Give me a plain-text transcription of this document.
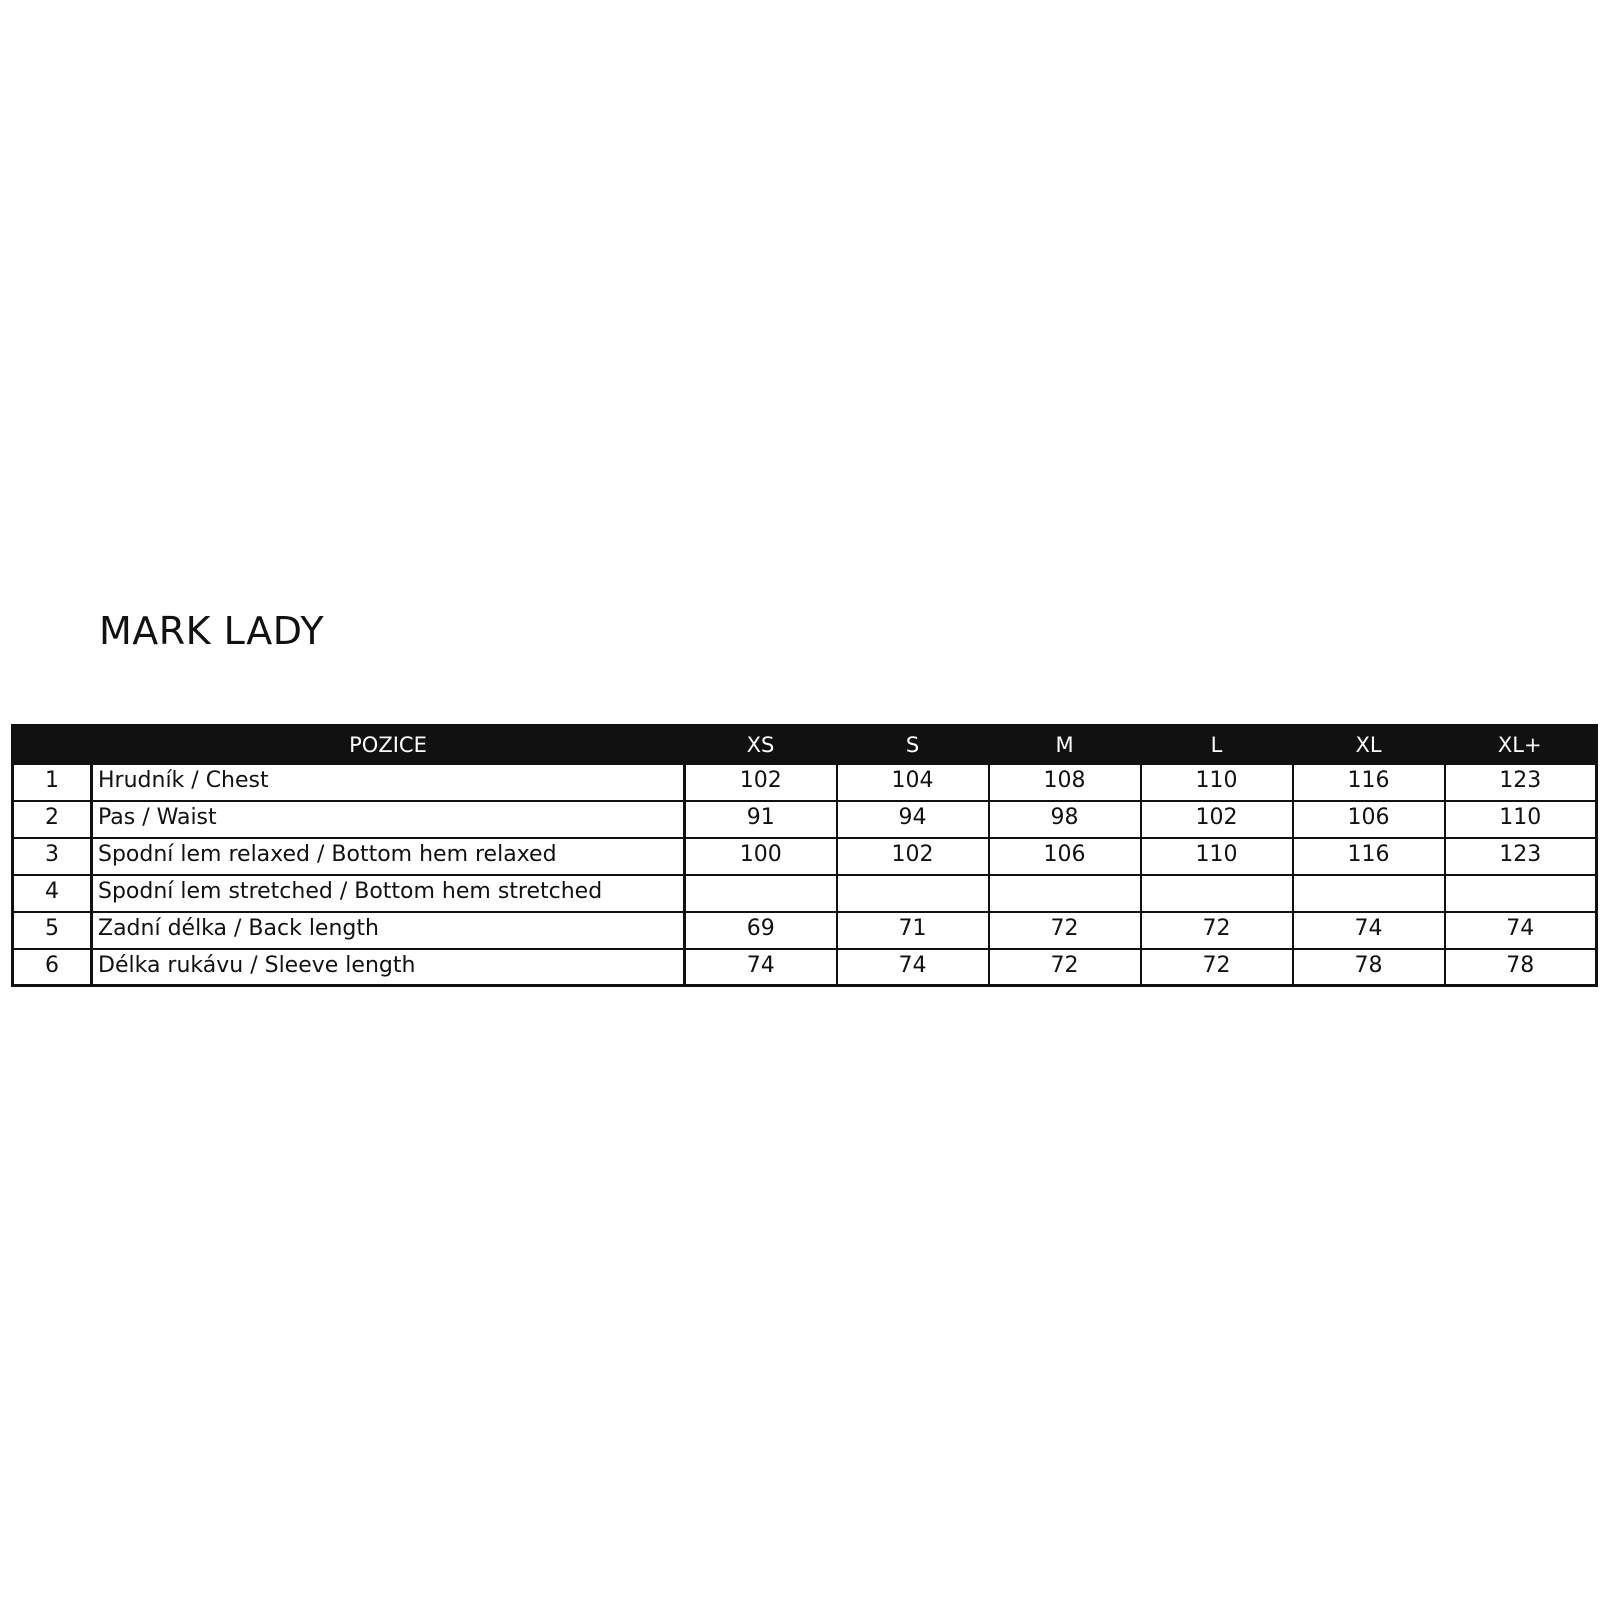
MARK LADY
	POZICE	XS	S	M	L	XL	XL+
1	Hrudník / Chest	102	104	108	110	116	123
2	Pas / Waist	91	94	98	102	106	110
3	Spodní lem relaxed / Bottom hem relaxed	100	102	106	110	116	123
4	Spodní lem stretched / Bottom hem stretched						
5	Zadní délka / Back length	69	71	72	72	74	74
6	Délka rukávu / Sleeve length	74	74	72	72	78	78
